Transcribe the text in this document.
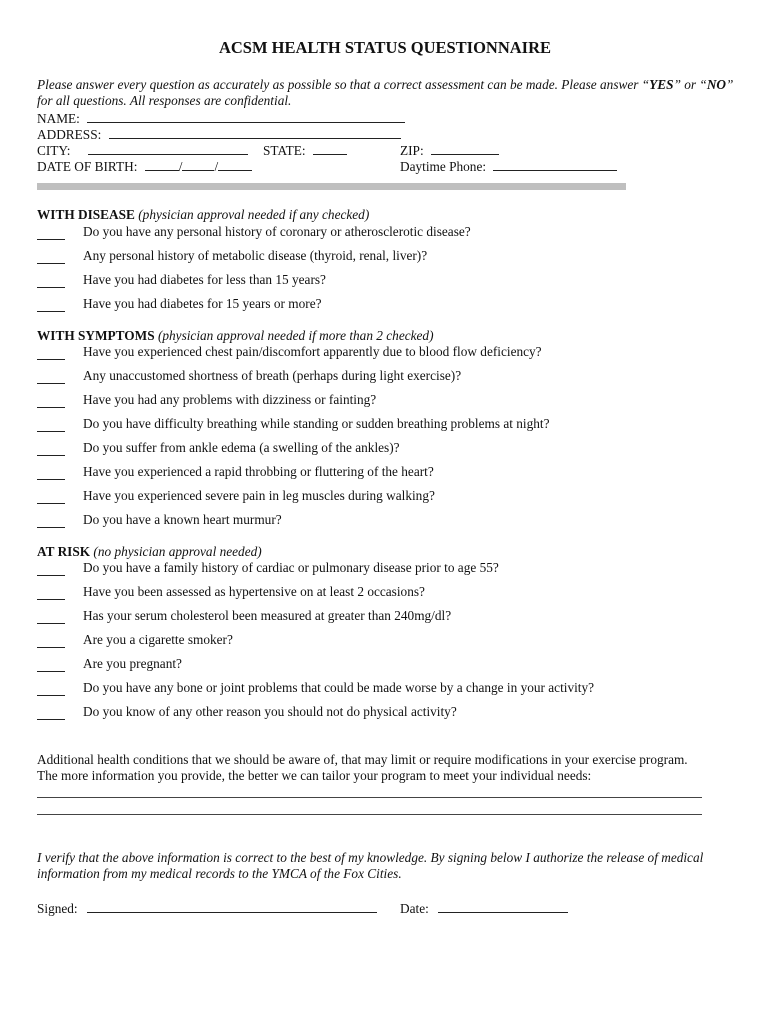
ACSM HEALTH STATUS QUESTIONNAIRE
Please answer every question as accurately as possible so that a correct assessment can be made. Please answer “YES” or “NO” for all questions. All responses are confidential.
NAME:
ADDRESS:
CITY:	STATE:	ZIP:
DATE OF BIRTH:	/ /	Daytime Phone:
WITH DISEASE (physician approval needed if any checked)
Do you have any personal history of coronary or atherosclerotic disease?
Any personal history of metabolic disease (thyroid, renal, liver)?
Have you had diabetes for less than 15 years?
Have you had diabetes for 15 years or more?
WITH SYMPTOMS (physician approval needed if more than 2 checked)
Have you experienced chest pain/discomfort apparently due to blood flow deficiency?
Any unaccustomed shortness of breath (perhaps during light exercise)?
Have you had any problems with dizziness or fainting?
Do you have difficulty breathing while standing or sudden breathing problems at night?
Do you suffer from ankle edema (a swelling of the ankles)?
Have you experienced a rapid throbbing or fluttering of the heart?
Have you experienced severe pain in leg muscles during walking?
Do you have a known heart murmur?
AT RISK (no physician approval needed)
Do you have a family history of cardiac or pulmonary disease prior to age 55?
Have you been assessed as hypertensive on at least 2 occasions?
Has your serum cholesterol been measured at greater than 240mg/dl?
Are you a cigarette smoker?
Are you pregnant?
Do you have any bone or joint problems that could be made worse by a change in your activity?
Do you know of any other reason you should not do physical activity?
Additional health conditions that we should be aware of, that may limit or require modifications in your exercise program.
The more information you provide, the better we can tailor your program to meet your individual needs:
I verify that the above information is correct to the best of my knowledge. By signing below I authorize the release of medical information from my medical records to the YMCA of the Fox Cities.
Signed:	Date:
